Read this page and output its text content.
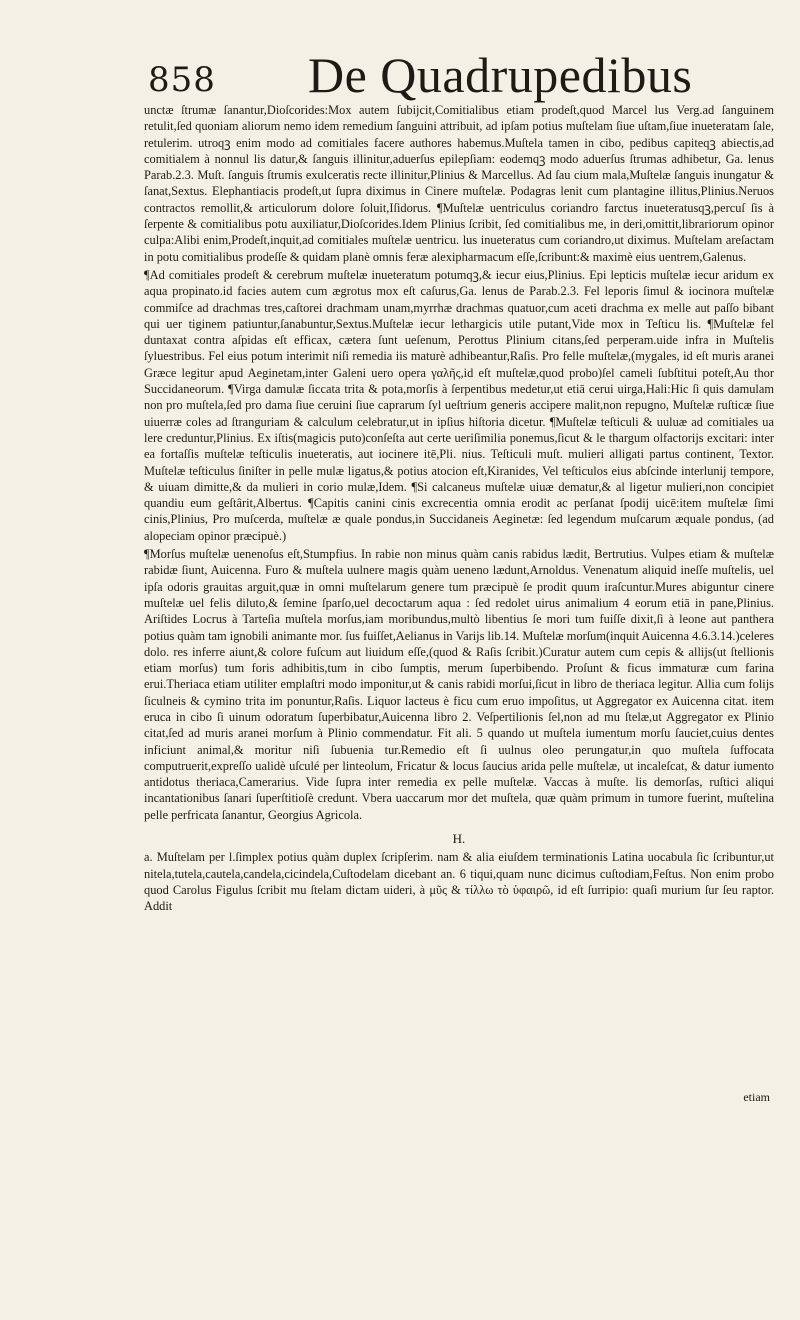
858 De Quadrupedibus

unctæ ſtrumæ ſanantur,Dioſcorides:Mox autem ſubijcit,Comitialibus etiam prodeſt,quod Marcel lus Verg.ad ſanguinem retulit,ſed quoniam aliorum nemo idem remedium ſanguini attribuit, ad ipſam potius muſtelam ſiue uſtam,ſiue inueteratam ſale, retulerim. utroqꝫ enim modo ad comitiales facere authores habemus.Muſtela tamen in cibo, pedibus capiteqꝫ abiectis,ad comitialem à nonnul lis datur,& ſanguis illinitur,aduerſus epilepſiam: eodemqꝫ modo aduerſus ſtrumas adhibetur, Ga. lenus Parab.2.3. Muſt. ſanguis ſtrumis exulceratis recte illinitur,Plinius & Marcellus. Ad ſau cium mala,Muſtelæ ſanguis inungatur & ſanat,Sextus. Elephantiacis prodeſt,ut ſupra diximus in Cinere muſtelæ. Podagras lenit cum plantagine illitus,Plinius.Neruos contractos remollit,& articulorum dolore ſoluit,Iſidorus. ¶Muſtelæ uentriculus coriandro farctus inueteratusqꝫ,percuſ ſis à ſerpente & comitialibus potu auxiliatur,Dioſcorides.Idem Plinius ſcribit, ſed comitialibus me, in deri,omittit,librariorum opinor culpa:Alibi enim,Prodeſt,inquit,ad comitiales muſtelæ uentricu. lus inueteratus cum coriandro,ut diximus. Muſtelam areſactam in potu comitialibus prodeſſe & quidam planè omnis feræ alexipharmacum eſſe,ſcribunt:& maximè eius uentrem,Galenus.

¶Ad comitiales prodeſt & cerebrum muſtelæ inueteratum potumqꝫ,& iecur eius,Plinius. Epi lepticis muſtelæ iecur aridum ex aqua propinato.id facies autem cum ægrotus mox eſt caſurus,Ga. lenus de Parab.2.3. Fel leporis ſimul & iocinora muſtelæ commiſce ad drachmas tres,caſtorei drachmam unam,myrrhæ drachmas quatuor,cum aceti drachma ex melle aut paſſo bibant qui uer tiginem patiuntur,ſanabuntur,Sextus.Muſtelæ iecur lethargicis utile putant,Vide mox in Teſticu lis. ¶Muſtelæ fel duntaxat contra aſpidas eſt efficax, cætera ſunt ueſenum, Perottus Plinium citans,ſed perperam.uide infra in Muſtelis ſyluestribus. Fel eius potum interimit niſi remedia iis maturè adhibeantur,Raſis. Pro felle muſtelæ,(mygales, id eſt muris aranei Græce legitur apud Aeginetam,inter Galeni uero opera γαλῆς,id eſt muſtelæ,quod probo)ſel cameli ſubſtitui poteſt,Au thor Succidaneorum. ¶Virga damulæ ſiccata trita & pota,morſis à ſerpentibus medetur,ut etiā cerui uirga,Hali:Hic ſi quis damulam non pro muſtela,ſed pro dama ſiue ceruini ſiue caprarum ſyl ueſtrium generis accipere malit,non repugno, Muſtelæ ruſticæ ſiue uiuerræ coles ad ſtranguriam & calculum celebratur,ut in ipſius hiſtoria dicetur. ¶Muſtelæ teſticuli & uuluæ ad comitiales ua lere creduntur,Plinius. Ex iſtis(magicis puto)conſeſta aut certe ueriſimilia ponemus,ſicut & le thargum olfactorijs excitari: inter ea fortaſſis muſtelæ teſticulis inueteratis, aut iocinere itē,Pli. nius. Teſticuli muſt. mulieri alligati partus continent, Textor. Muſtelæ teſticulus ſiniſter in pelle mulæ ligatus,& potius atocion eſt,Kiranides, Vel teſticulos eius abſcinde interlunij tempore, & uiuam dimitte,& da mulieri in corio mulæ,Idem. ¶Si calcaneus muſtelæ uiuæ dematur,& al ligetur mulieri,non concipiet quandiu eum geſtârit,Albertus. ¶Capitis canini cinis excrecentia omnia erodit ac perſanat ſpodij uicē:item muſtelæ ſimi cinis,Plinius, Pro muſcerda, muſtelæ æ quale pondus,in Succidaneis Aeginetæ: ſed legendum muſcarum æquale pondus, (ad alopeciam opinor præcipuè.)

¶Morſus muſtelæ uenenoſus eſt,Stumpfius. In rabie non minus quàm canis rabidus lædit, Bertrutius. Vulpes etiam & muſtelæ rabidæ ſiunt, Auicenna. Furo & muſtela uulnere magis quàm ueneno lædunt,Arnoldus. Venenatum aliquid ineſſe muſtelis, uel ipſa odoris grauitas arguit,quæ in omni muſtelarum genere tum præcipuè ſe prodit quum iraſcuntur.Mures abiguntur cinere muſtelæ uel felis diluto,& ſemine ſparſo,uel decoctarum aqua : ſed redolet uirus animalium 4 eorum etiā in pane,Plinius. Ariſtides Locrus à Tarteſia muſtela morſus,iam moribundus,multò libentius ſe mori tum fuiſſe dixit,ſi à leone aut panthera potius quàm tam ignobili animante mor. ſus fuiſſet,Aelianus in Varijs lib.14. Muſtelæ morſum(inquit Auicenna 4.6.3.14.)celeres dolo. res inferre aiunt,& colore fuſcum aut liuidum eſſe,(quod & Raſis ſcribit.)Curatur autem cum cepis & allijs(ut ſtellionis etiam morſus) tum foris adhibitis,tum in cibo ſumptis, merum ſuperbibendo. Proſunt & ficus immaturæ cum farina erui.Theriaca etiam utiliter emplaſtri modo imponitur,ut & canis rabidi morſui,ſicut in libro de theriaca legitur. Allia cum folijs ſiculneis & cymino trita im ponuntur,Raſis. Liquor lacteus è ficu cum eruo impoſitus, ut Aggregator ex Auicenna citat. item eruca in cibo ſi uinum odoratum ſuperbibatur,Auicenna libro 2. Veſpertilionis ſel,non ad mu ſtelæ,ut Aggregator ex Plinio citat,ſed ad muris aranei morſum à Plinio commendatur. Fit ali. 5 quando ut muſtela iumentum morſu ſauciet,cuius dentes inficiunt animal,& moritur niſi ſubuenia tur.Remedio eſt ſi uulnus oleo perungatur,in quo muſtela ſuffocata computruerit,expreſſo ualidè uſculé per linteolum, Fricatur & locus ſaucius arida pelle muſtelæ, ut incaleſcat, & datur iumento antidotus theriaca,Camerarius. Vide ſupra inter remedia ex pelle muſtelæ. Vaccas à muſte. lis demorſas, ruſtici aliqui incantationibus ſanari ſuperſtitioſè credunt. Vbera uaccarum mor det muſtela, quæ quàm primum in tumore fuerint, muſtelina pelle perfricata ſanantur, Georgius Agricola.

H.

a. Muſtelam per l.ſimplex potius quàm duplex ſcripſerim. nam & alia eiuſdem terminationis Latina uocabula ſic ſcribuntur,ut nitela,tutela,cautela,candela,cicindela,Cuſtodelam dicebant an. 6 tiqui,quam nunc dicimus cuſtodiam,Feſtus. Non enim probo quod Carolus Figulus ſcribit mu ſtelam dictam uideri, à μῦς & τίλλω τὸ ὑφαιρῶ, id eſt ſurripio: quaſi murium ſur ſeu raptor. Addit

etiam
